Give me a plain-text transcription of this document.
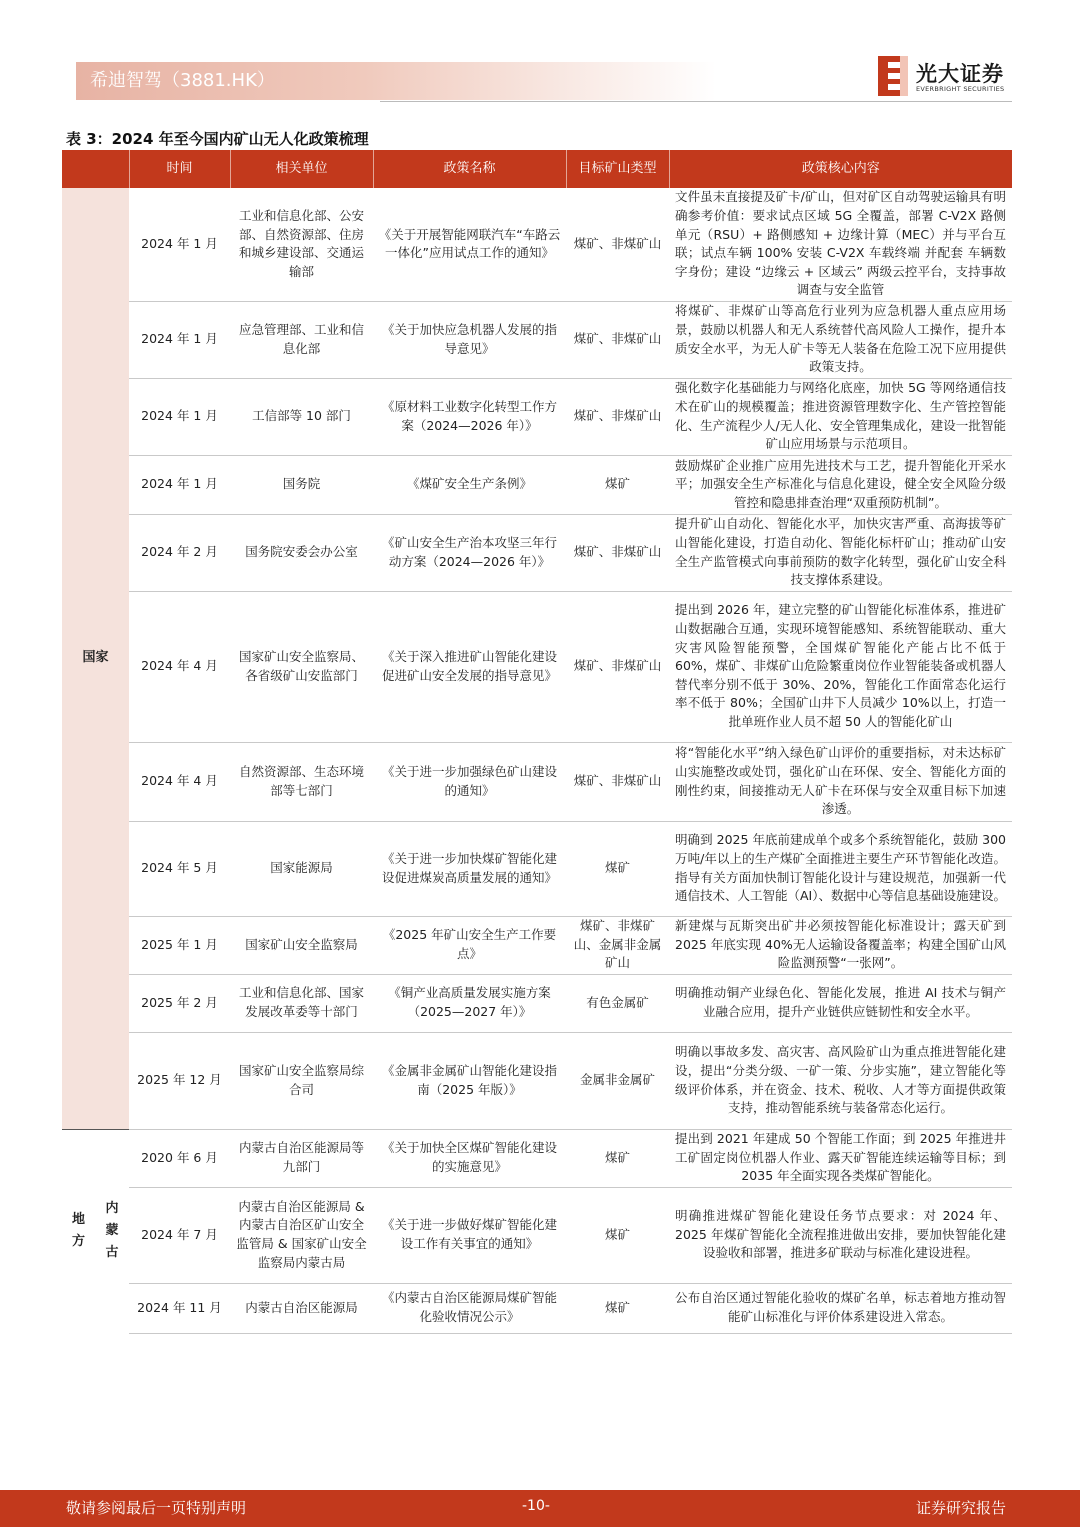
希迪智驾（3881.HK）	光大证券
EVERBRIGHT SECURITIES
表 3：2024 年至今国内矿山无人化政策梳理
		时间	相关单位	政策名称	目标矿山类型	政策核心内容
国家		2024 年 1 月	工业和信息化部、公安部、自然资源部、住房和城乡建设部、交通运输部	《关于开展智能网联汽车“车路云一体化”应用试点工作的通知》	煤矿、非煤矿山	文件虽未直接提及矿卡/矿山，但对矿区自动驾驶运输具有明确参考价值：要求试点区域 5G 全覆盖，部署 C-V2X 路侧单元（RSU）+ 路侧感知 + 边缘计算（MEC）并与平台互联；试点车辆 100% 安装 C-V2X 车载终端 并配套 车辆数字身份；建设 “边缘云 + 区域云” 两级云控平台，支持事故调查与安全监管
		2024 年 1 月	应急管理部、工业和信息化部	《关于加快应急机器人发展的指导意见》	煤矿、非煤矿山	将煤矿、非煤矿山等高危行业列为应急机器人重点应用场景，鼓励以机器人和无人系统替代高风险人工操作，提升本质安全水平，为无人矿卡等无人装备在危险工况下应用提供政策支持。
		2024 年 1 月	工信部等 10 部门	《原材料工业数字化转型工作方案（2024—2026 年）》	煤矿、非煤矿山	强化数字化基础能力与网络化底座，加快 5G 等网络通信技术在矿山的规模覆盖；推进资源管理数字化、生产管控智能化、生产流程少人/无人化、安全管理集成化，建设一批智能矿山应用场景与示范项目。
		2024 年 1 月	国务院	《煤矿安全生产条例》	煤矿	鼓励煤矿企业推广应用先进技术与工艺，提升智能化开采水平；加强安全生产标准化与信息化建设，健全安全风险分级管控和隐患排查治理“双重预防机制”。
		2024 年 2 月	国务院安委会办公室	《矿山安全生产治本攻坚三年行动方案（2024—2026 年）》	煤矿、非煤矿山	提升矿山自动化、智能化水平，加快灾害严重、高海拔等矿山智能化建设，打造自动化、智能化标杆矿山；推动矿山安全生产监管模式向事前预防的数字化转型，强化矿山安全科技支撑体系建设。
		2024 年 4 月	国家矿山安全监察局、各省级矿山安监部门	《关于深入推进矿山智能化建设促进矿山安全发展的指导意见》	煤矿、非煤矿山	提出到 2026 年，建立完整的矿山智能化标准体系，推进矿山数据融合互通，实现环境智能感知、系统智能联动、重大灾害风险智能预警，全国煤矿智能化产能占比不低于 60%，煤矿、非煤矿山危险繁重岗位作业智能装备或机器人替代率分别不低于 30%、20%，智能化工作面常态化运行率不低于 80%；全国矿山井下人员减少 10%以上，打造一批单班作业人员不超 50 人的智能化矿山
		2024 年 4 月	自然资源部、生态环境部等七部门	《关于进一步加强绿色矿山建设的通知》	煤矿、非煤矿山	将“智能化水平”纳入绿色矿山评价的重要指标，对未达标矿山实施整改或处罚，强化矿山在环保、安全、智能化方面的刚性约束，间接推动无人矿卡在环保与安全双重目标下加速渗透。
		2024 年 5 月	国家能源局	《关于进一步加快煤矿智能化建设促进煤炭高质量发展的通知》	煤矿	明确到 2025 年底前建成单个或多个系统智能化，鼓励 300 万吨/年以上的生产煤矿全面推进主要生产环节智能化改造。指导有关方面加快制订智能化设计与建设规范，加强新一代通信技术、人工智能（AI）、数据中心等信息基础设施建设。
		2025 年 1 月	国家矿山安全监察局	《2025 年矿山安全生产工作要点》	煤矿、非煤矿山、金属非金属矿山	新建煤与瓦斯突出矿井必须按智能化标准设计；露天矿到 2025 年底实现 40%无人运输设备覆盖率；构建全国矿山风险监测预警“一张网”。
		2025 年 2 月	工业和信息化部、国家发展改革委等十部门	《铜产业高质量发展实施方案（2025—2027 年）》	有色金属矿	明确推动铜产业绿色化、智能化发展，推进 AI 技术与铜产业融合应用，提升产业链供应链韧性和安全水平。
		2025 年 12 月	国家矿山安全监察局综合司	《金属非金属矿山智能化建设指南（2025 年版）》	金属非金属矿	明确以事故多发、高灾害、高风险矿山为重点推进智能化建设，提出“分类分级、一矿一策、分步实施”，建立智能化等级评价体系，并在资金、技术、税收、人才等方面提供政策支持，推动智能系统与装备常态化运行。
地方	内蒙古	2020 年 6 月	内蒙古自治区能源局等九部门	《关于加快全区煤矿智能化建设的实施意见》	煤矿	提出到 2021 年建成 50 个智能工作面；到 2025 年推进井工矿固定岗位机器人作业、露天矿智能连续运输等目标；到 2035 年全面实现各类煤矿智能化。
		2024 年 7 月	内蒙古自治区能源局 & 内蒙古自治区矿山安全监管局 & 国家矿山安全监察局内蒙古局	《关于进一步做好煤矿智能化建设工作有关事宜的通知》	煤矿	明确推进煤矿智能化建设任务节点要求：对 2024 年、2025 年煤矿智能化全流程推进做出安排，要加快智能化建设验收和部署，推进多矿联动与标准化建设进程。
		2024 年 11 月	内蒙古自治区能源局	《内蒙古自治区能源局煤矿智能化验收情况公示》	煤矿	公布自治区通过智能化验收的煤矿名单，标志着地方推动智能矿山标准化与评价体系建设进入常态。
敬请参阅最后一页特别声明	-10-	证券研究报告
